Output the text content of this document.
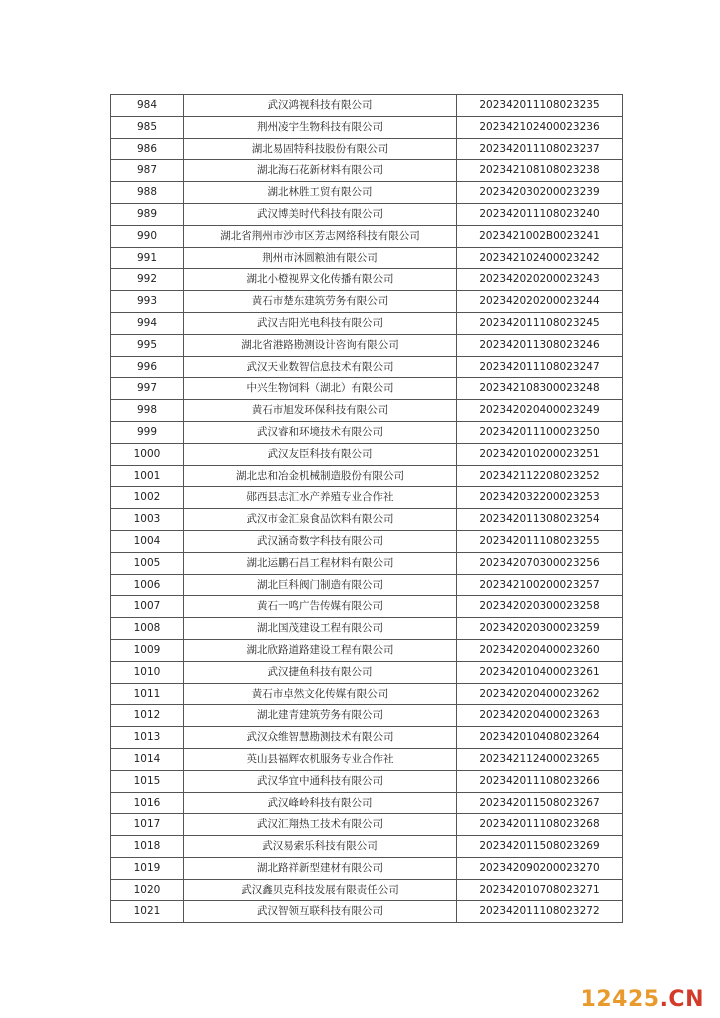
984	武汉鸿视科技有限公司	202342011108023235
985	荆州凌宇生物科技有限公司	202342102400023236
986	湖北易固特科技股份有限公司	202342011108023237
987	湖北海石花新材料有限公司	202342108108023238
988	湖北林胜工贸有限公司	202342030200023239
989	武汉博美时代科技有限公司	202342011108023240
990	湖北省荆州市沙市区芳志网络科技有限公司	2023421002B0023241
991	荆州市沐圆粮油有限公司	202342102400023242
992	湖北小橙视界文化传播有限公司	202342020200023243
993	黄石市楚东建筑劳务有限公司	202342020200023244
994	武汉吉阳光电科技有限公司	202342011108023245
995	湖北省港路勘测设计咨询有限公司	202342011308023246
996	武汉天业数智信息技术有限公司	202342011108023247
997	中兴生物饲料（湖北）有限公司	202342108300023248
998	黄石市旭发环保科技有限公司	202342020400023249
999	武汉睿和环境技术有限公司	202342011100023250
1000	武汉友臣科技有限公司	202342010200023251
1001	湖北忠和冶金机械制造股份有限公司	202342112208023252
1002	郧西县志汇水产养殖专业合作社	202342032200023253
1003	武汉市金汇泉食品饮料有限公司	202342011308023254
1004	武汉涵奇数字科技有限公司	202342011108023255
1005	湖北运鹏石昌工程材料有限公司	202342070300023256
1006	湖北巨科阀门制造有限公司	202342100200023257
1007	黄石一鸣广告传媒有限公司	202342020300023258
1008	湖北国茂建设工程有限公司	202342020300023259
1009	湖北欣路道路建设工程有限公司	202342020400023260
1010	武汉捷鱼科技有限公司	202342010400023261
1011	黄石市卓然文化传媒有限公司	202342020400023262
1012	湖北建青建筑劳务有限公司	202342020400023263
1013	武汉众维智慧勘测技术有限公司	202342010408023264
1014	英山县福辉农机服务专业合作社	202342112400023265
1015	武汉华宜中通科技有限公司	202342011108023266
1016	武汉峰岭科技有限公司	202342011508023267
1017	武汉汇翔热工技术有限公司	202342011108023268
1018	武汉易索乐科技有限公司	202342011508023269
1019	湖北路祥新型建材有限公司	202342090200023270
1020	武汉鑫贝克科技发展有限责任公司	202342010708023271
1021	武汉智领互联科技有限公司	202342011108023272
12425.CN
